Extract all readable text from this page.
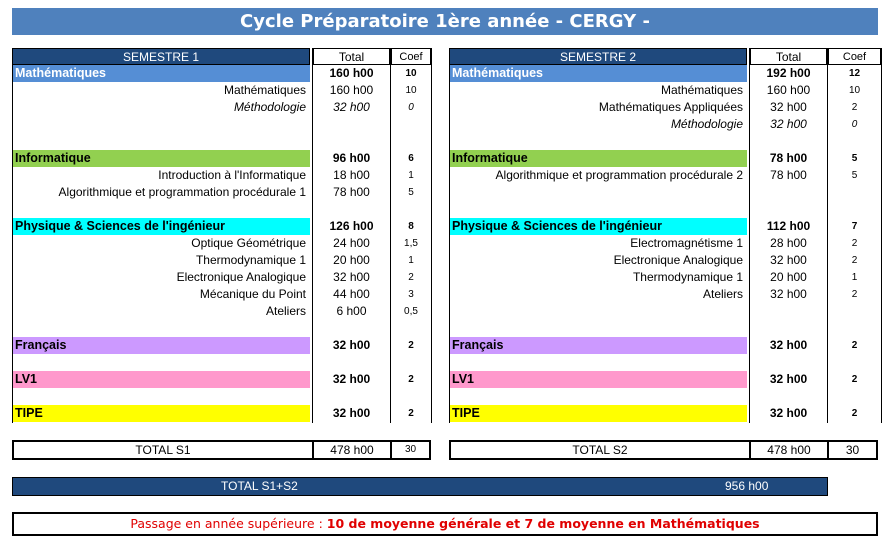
Cycle Préparatoire 1ère année - CERGY -
SEMESTRE 1	Total	Coef
Mathématiques	160 h00	10
Mathématiques	160 h00	10
Méthodologie	32 h00	0
Informatique	96 h00	6
Introduction à l'Informatique	18 h00	1
Algorithmique et programmation procédurale 1	78 h00	5
Physique & Sciences de l'ingénieur	126 h00	8
Optique Géométrique	24 h00	1,5
Thermodynamique 1	20 h00	1
Electronique Analogique	32 h00	2
Mécanique du Point	44 h00	3
Ateliers	6 h00	0,5
Français	32 h00	2
LV1	32 h00	2
TIPE	32 h00	2
SEMESTRE 2	Total	Coef
Mathématiques	192 h00	12
Mathématiques	160 h00	10
Mathématiques Appliquées	32 h00	2
Méthodologie	32 h00	0
Informatique	78 h00	5
Algorithmique et programmation procédurale 2	78 h00	5
Physique & Sciences de l'ingénieur	112 h00	7
Electromagnétisme 1	28 h00	2
Electronique Analogique	32 h00	2
Thermodynamique 1	20 h00	1
Ateliers	32 h00	2
Français	32 h00	2
LV1	32 h00	2
TIPE	32 h00	2
TOTAL S1	478 h00	30	TOTAL S2	478 h00	30
TOTAL S1+S2	956 h00
Passage en année supérieure : 10 de moyenne générale et 7 de moyenne en Mathématiques
